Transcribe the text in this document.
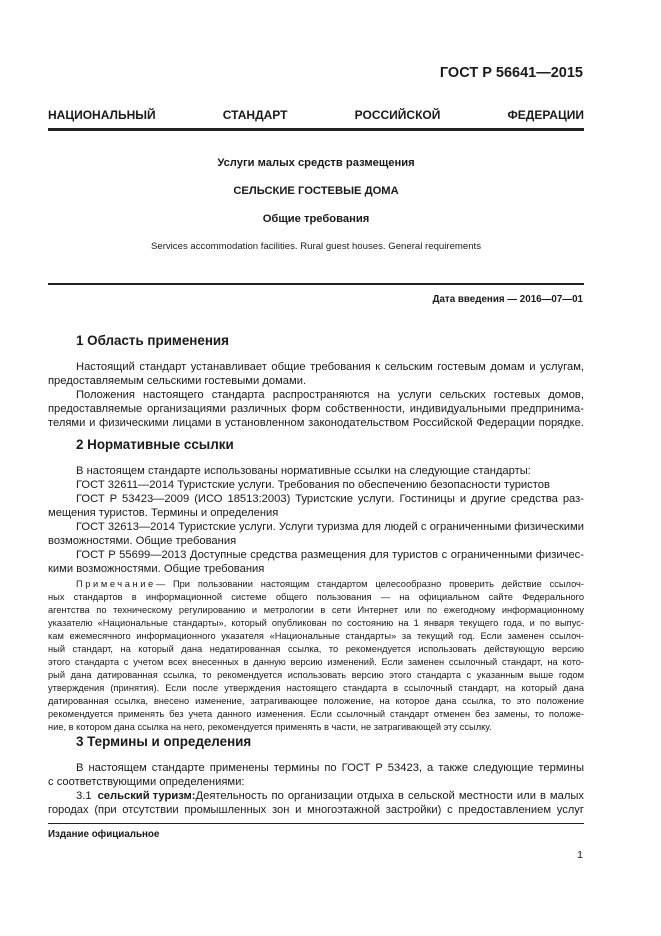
ГОСТ Р 56641—2015
НАЦИОНАЛЬНЫЙ СТАНДАРТ РОССИЙСКОЙ ФЕДЕРАЦИИ
Услуги малых средств размещения
СЕЛЬСКИЕ ГОСТЕВЫЕ ДОМА
Общие требования
Services accommodation facilities. Rural guest houses. General requirements
Дата введения — 2016—07—01
1 Область применения
Настоящий стандарт устанавливает общие требования к сельским гостевым домам и услугам,
предоставляемым сельскими гостевыми домами.
Положения настоящего стандарта распространяются на услуги сельских гостевых домов,
предоставляемые организациями различных форм собственности, индивидуальными предпринима-
телями и физическими лицами в установленном законодательством Российской Федерации порядке.
2 Нормативные ссылки
В настоящем стандарте использованы нормативные ссылки на следующие стандарты:
ГОСТ 32611—2014 Туристские услуги. Требования по обеспечению безопасности туристов
ГОСТ Р 53423—2009 (ИСО 18513:2003) Туристские услуги. Гостиницы и другие средства раз-
мещения туристов. Термины и определения
ГОСТ 32613—2014 Туристские услуги. Услуги туризма для людей с ограниченными физическими
возможностями. Общие требования
ГОСТ Р 55699—2013 Доступные средства размещения для туристов с ограниченными физичес-
кими возможностями. Общие требования
Примечание — При пользовании настоящим стандартом целесообразно проверить действие ссылоч-
ных стандартов в информационной системе общего пользования — на официальном сайте Федерального
агентства по техническому регулированию и метрологии в сети Интернет или по ежегодному информационному
указателю «Национальные стандарты», который опубликован по состоянию на 1 января текущего года, и по выпус-
кам ежемесячного информационного указателя «Национальные стандарты» за текущий год. Если заменен ссылоч-
ный стандарт, на который дана недатированная ссылка, то рекомендуется использовать действующую версию
этого стандарта с учетом всех внесенных в данную версию изменений. Если заменен ссылочный стандарт, на кото-
рый дана датированная ссылка, то рекомендуется использовать версию этого стандарта с указанным выше годом
утверждения (принятия). Если после утверждения настоящего стандарта в ссылочный стандарт, на который дана
датированная ссылка, внесено изменение, затрагивающее положение, на которое дана ссылка, то это положение
рекомендуется применять без учета данного изменения. Если ссылочный стандарт отменен без замены, то положе-
ние, в котором дана ссылка на него, рекомендуется применять в части, не затрагивающей эту ссылку.
3 Термины и определения
В настоящем стандарте применены термины по ГОСТ Р 53423, а также следующие термины
с соответствующими определениями:
3.1 сельский туризм: Деятельность по организации отдыха в сельской местности или в малых
городах (при отсутствии промышленных зон и многоэтажной застройки) с предоставлением услуг
Издание официальное
1
